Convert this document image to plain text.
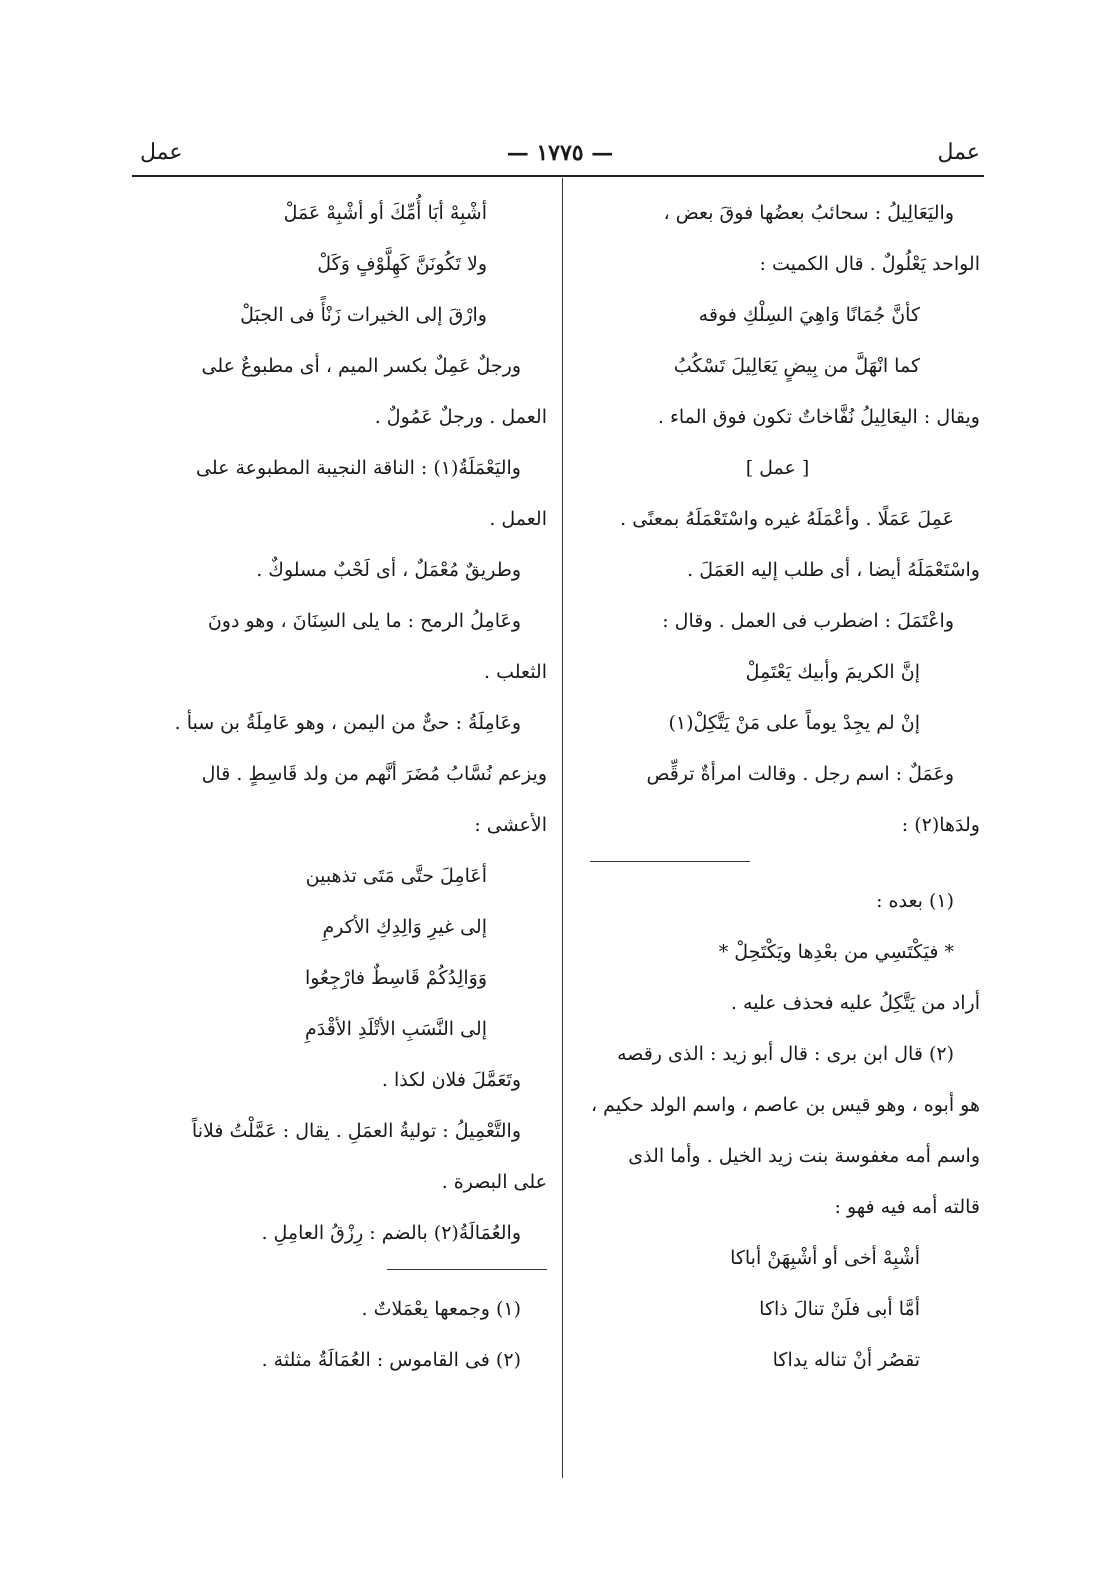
عمل
— ١٧٧٥ —
عمل

واليَعَالِيلُ : سحائبُ بعضُها فوقَ بعض ،

الواحد يَعْلُولٌ . قال الكميت :

كأنَّ جُمَانًا وَاهِيَ السِلْكِ فوقه

كما انْهَلَّ من بِيضٍ يَعَالِيلَ تَسْكُبُ

ويقال : اليعَالِيلُ نُفَّاخاتٌ تكون فوق الماء .

[ عمل ]

عَمِلَ عَمَلًا . وأعْمَلَهُ غيره واسْتَعْمَلَهُ بمعنًى .

واسْتَعْمَلَهُ أيضا ، أى طلب إليه العَمَلَ .

واعْتَمَلَ : اضطرب فى العمل . وقال :

إنَّ الكريمَ وأبيك يَعْتَمِلْ

إنْ لم يجِدْ يوماً على مَنْ يَتَّكِلْ(١)

وعَمَلٌ : اسم رجل . وقالت امرأةٌ ترقِّص

ولدَها(٢) :

(١) بعده :

* فيَكْتَسِي من بعْدِها ويَكْتَحِلْ *

أراد من يَتَّكِلُ عليه فحذف عليه .

(٢) قال ابن برى : قال أبو زيد : الذى رقصه

هو أبوه ، وهو قيس بن عاصم ، واسم الولد حكيم ،

واسم أمه مغفوسة بنت زيد الخيل . وأما الذى

قالته أمه فيه فهو :

أشْبِهْ أخى أو أشْبِهَنْ أباكا

أمَّا أبى فلَنْ تنالَ ذاكا

تقصُر أنْ تناله يداكا

أشْبِهْ أبَا أُمِّكَ أو أشْبِهْ عَمَلْ

ولا تَكُونَنَّ كَهِلَّوْفٍ وَكَلْ

وارْقَ إلى الخيرات زَنْأً فى الجبَلْ

ورجلٌ عَمِلٌ بكسر الميم ، أى مطبوعٌ على

العمل . ورجلٌ عَمُولٌ .

واليَعْمَلَةُ(١) : الناقة النجيبة المطبوعة على

العمل .

وطريقٌ مُعْمَلٌ ، أى لَحْبٌ مسلوكٌ .

وعَامِلُ الرمح : ما يلى السِنَانَ ، وهو دونَ

الثعلب .

وعَامِلَةُ : حىٌّ من اليمن ، وهو عَامِلَةُ بن سبأ .

ويزعم نُسَّابُ مُضَرَ أنَّهم من ولد قَاسِطٍ . قال

الأعشى :

أعَامِلَ حتَّى مَتَى تذهبين

إلى غيرِ وَالِدِكِ الأكرمِ

وَوَالِدُكُمْ قَاسِطٌ فارْجِعُوا

إلى النَّسَبِ الأتْلَدِ الأقْدَمِ

وتَعَمَّلَ فلان لكذا .

والتَّعْمِيلُ : توليةُ العمَلِ . يقال : عَمَّلْتُ فلاناً

على البصرة .

والعُمَالَةُ(٢) بالضم : رِزْقُ العامِلِ .

(١) وجمعها يعْمَلاتٌ .

(٢) فى القاموس : العُمَالَةُ مثلثة .
